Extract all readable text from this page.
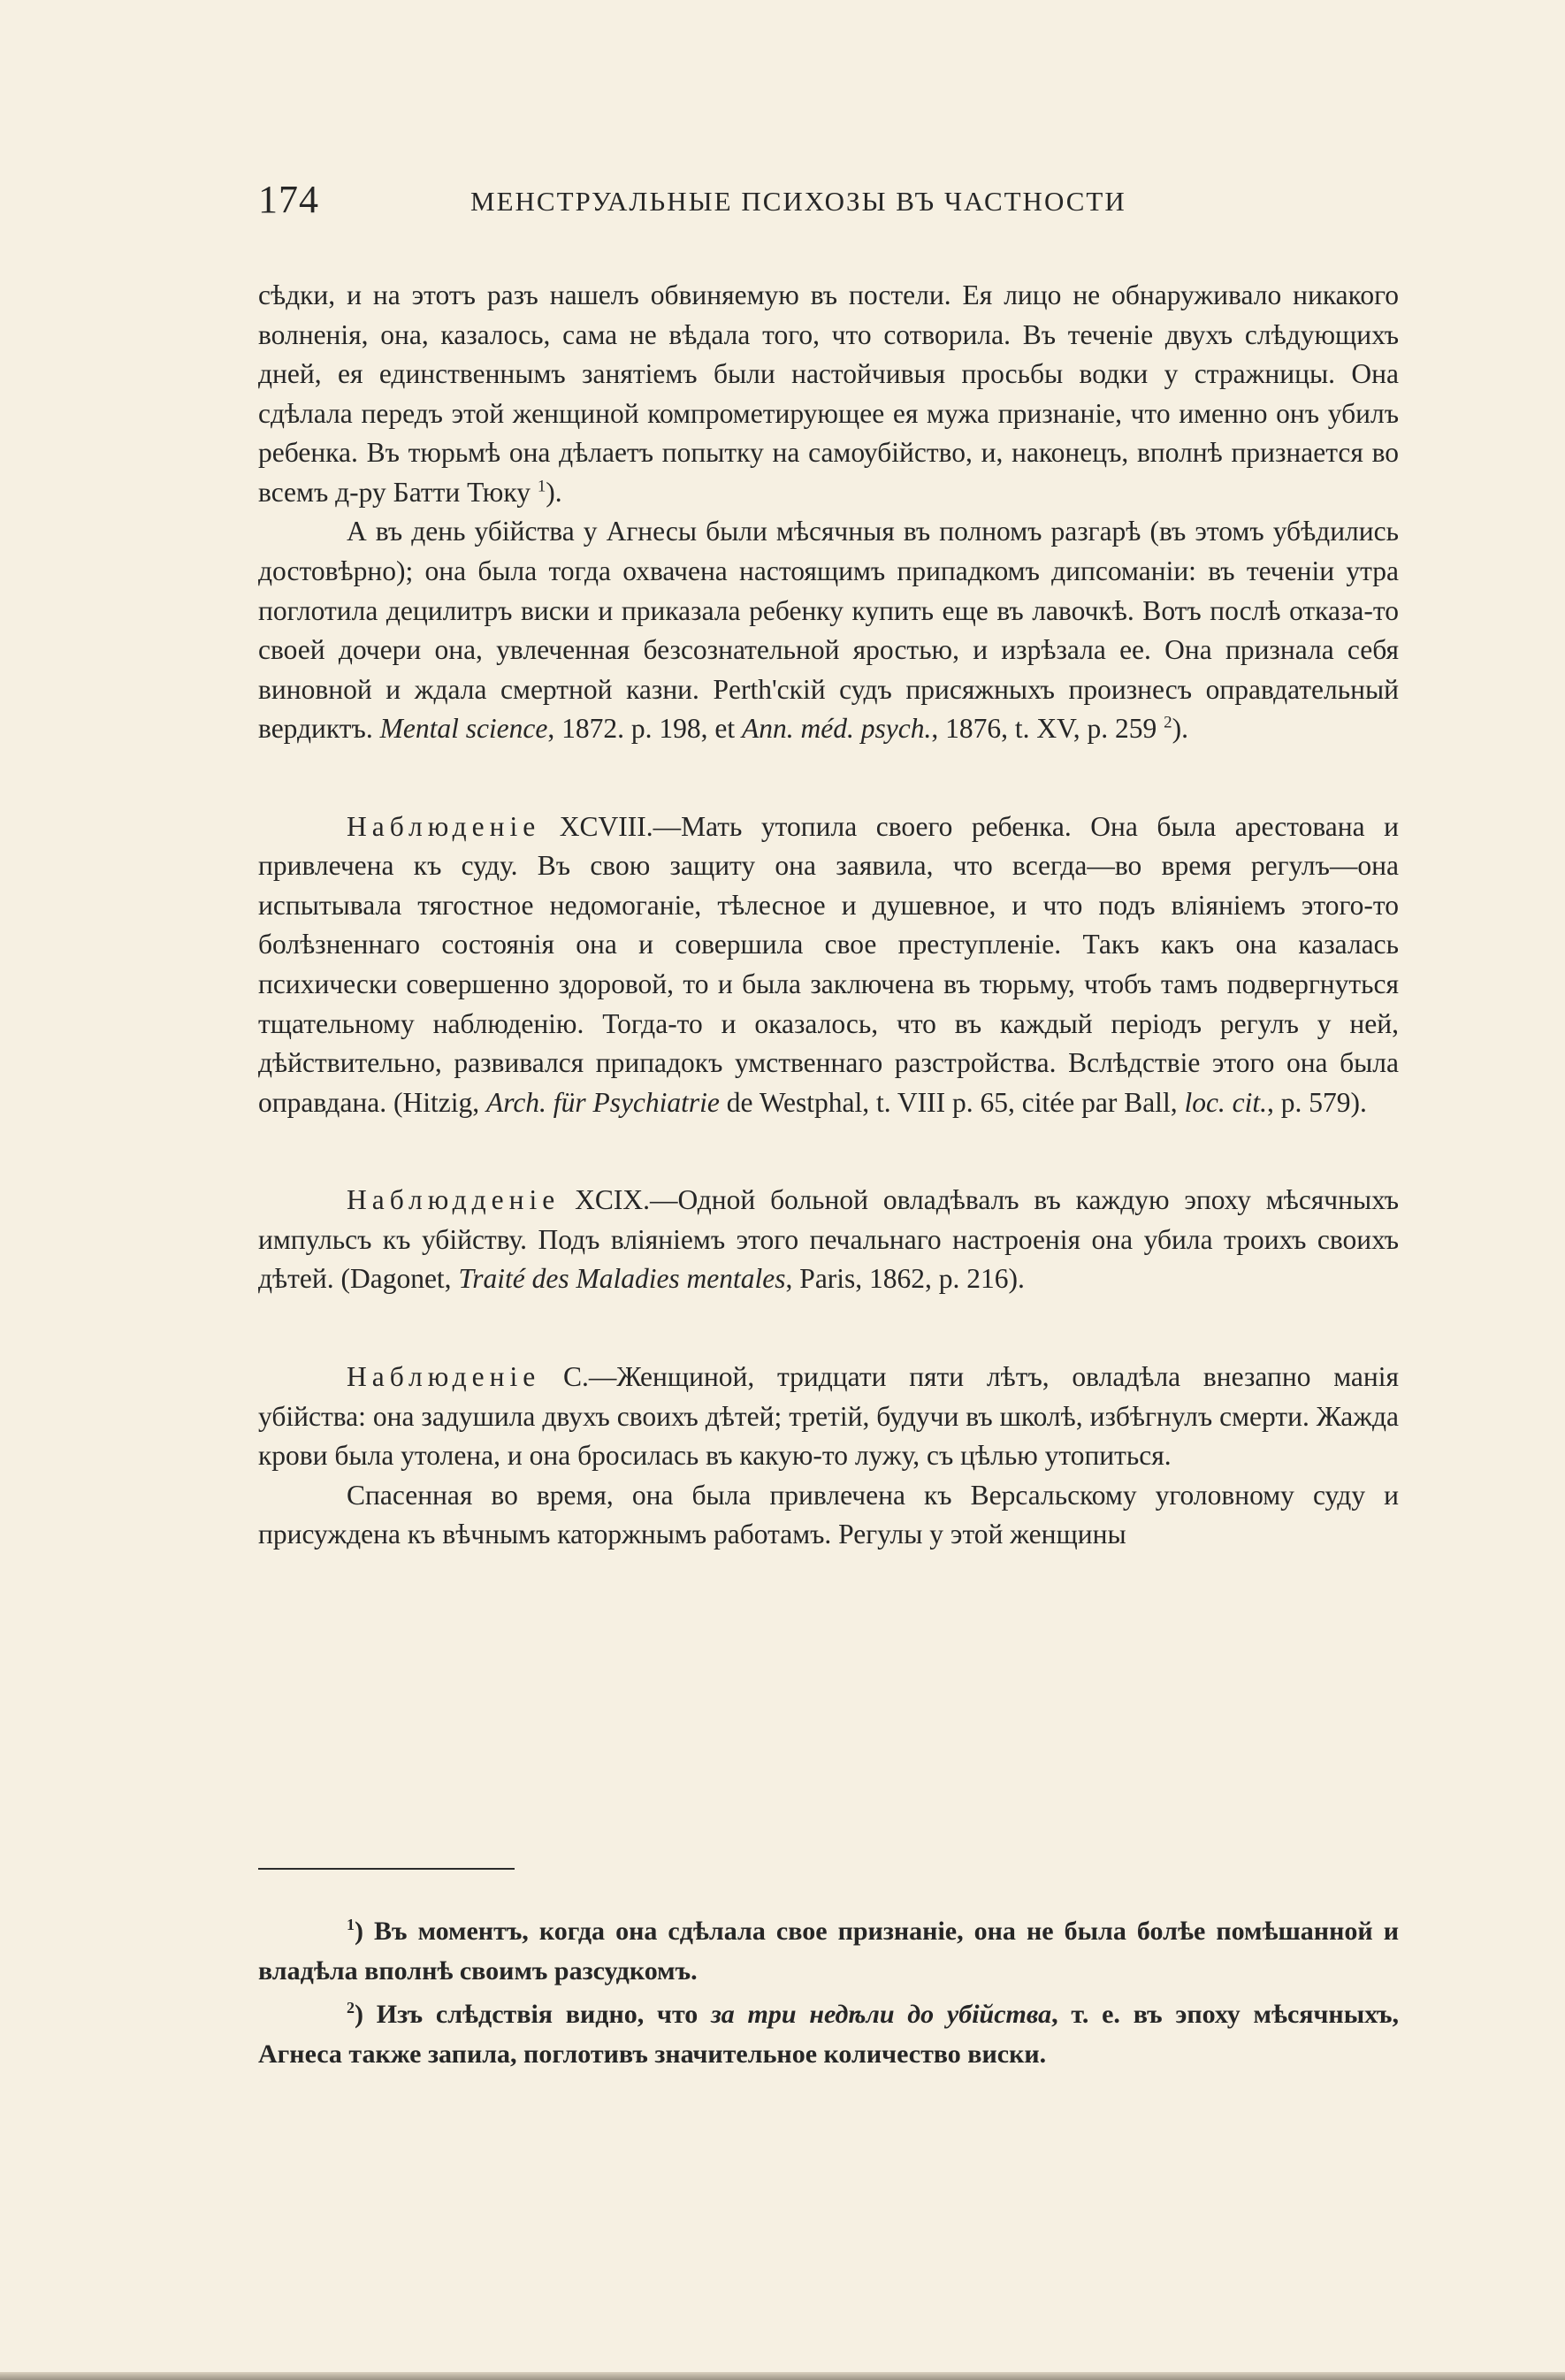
174	МЕНСТРУАЛЬНЫЕ ПСИХОЗЫ ВЪ ЧАСТНОСТИ

сѣдки, и на этотъ разъ нашелъ обвиняемую въ постели. Ея лицо не обнаруживало никакого волненія, она, казалось, сама не вѣдала того, что сотворила. Въ теченіе двухъ слѣдующихъ дней, ея единственнымъ занятіемъ были настойчивыя просьбы водки у стражницы. Она сдѣлала передъ этой женщиной компрометирующее ея мужа признаніе, что именно онъ убилъ ребенка. Въ тюрьмѣ она дѣлаетъ попытку на самоубійство, и, наконецъ, вполнѣ признается во всемъ д-ру Батти Тюку $^1$).

А въ день убійства у Агнесы были мѣсячныя въ полномъ разгарѣ (въ этомъ убѣдились достовѣрно); она была тогда охвачена настоящимъ припадкомъ дипсоманіи: въ теченіи утра поглотила децилитръ виски и приказала ребенку купить еще въ лавочкѣ. Вотъ послѣ отказа-то своей дочери она, увлеченная безсознательной яростью, и изрѣзала ее. Она признала себя виновной и ждала смертной казни. Perth'скій судъ присяжныхъ произнесъ оправдательный вердиктъ. Mental science, 1872. p. 198, et Ann. méd. psych., 1876, t. XV, p. 259 $^2$).

Наблюденіе XCVIII.—Мать утопила своего ребенка. Она была арестована и привлечена къ суду. Въ свою защиту она заявила, что всегда—во время регулъ—она испытывала тягостное недомоганіе, тѣлесное и душевное, и что подъ вліяніемъ этого-то болѣзненнаго состоянія она и совершила свое преступленіе. Такъ какъ она казалась психически совершенно здоровой, то и была заключена въ тюрьму, чтобъ тамъ подвергнуться тщательному наблюденію. Тогда-то и оказалось, что въ каждый періодъ регулъ у ней, дѣйствительно, развивался припадокъ умственнаго разстройства. Вслѣдствіе этого она была оправдана. (Hitzig, Arch. für Psychiatrie de Westphal, t. VIII p. 65, citée par Ball, loc. cit., p. 579).

Наблюдденіе XCIX.—Одной больной овладѣвалъ въ каждую эпоху мѣсячныхъ импульсъ къ убійству. Подъ вліяніемъ этого печальнаго настроенія она убила троихъ своихъ дѣтей. (Dagonet, Traité des Maladies mentales, Paris, 1862, p. 216).

Наблюденіе C.—Женщиной, тридцати пяти лѣтъ, овладѣла внезапно манія убійства: она задушила двухъ своихъ дѣтей; третій, будучи въ школѣ, избѣгнулъ смерти. Жажда крови была утолена, и она бросилась въ какую-то лужу, съ цѣлью утопиться.

Спасенная во время, она была привлечена къ Версальскому уголовному суду и присуждена къ вѣчнымъ каторжнымъ работамъ. Регулы у этой женщины

$^1$) Въ моментъ, когда она сдѣлала свое признаніе, она не была болѣе помѣшанной и владѣла вполнѣ своимъ разсудкомъ.

$^2$) Изъ слѣдствія видно, что за три недѣли до убійства, т. е. въ эпоху мѣсячныхъ, Агнеса также запила, поглотивъ значительное количество виски.
